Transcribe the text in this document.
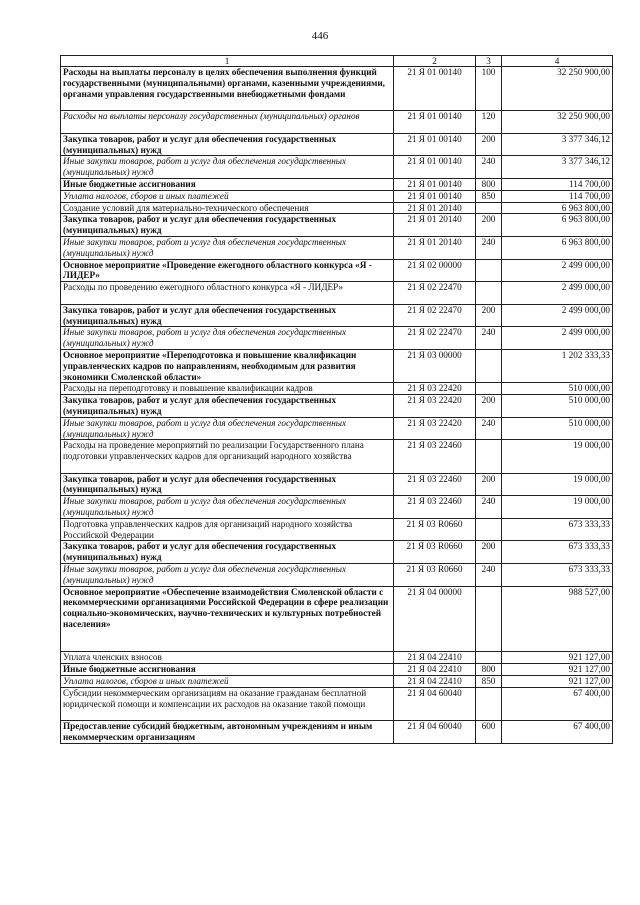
446
1	2	3	4
Расходы на выплаты персоналу в целях обеспечения выполнения функций государственными (муниципальными) органами, казенными учреждениями, органами управления государственными внебюджетными фондами	21 Я 01 00140	100	32 250 900,00
Расходы на выплаты персоналу государственных (муниципальных) органов	21 Я 01 00140	120	32 250 900,00
Закупка товаров, работ и услуг для обеспечения государственных (муниципальных) нужд	21 Я 01 00140	200	3 377 346,12
Иные закупки товаров, работ и услуг для обеспечения государственных (муниципальных) нужд	21 Я 01 00140	240	3 377 346,12
Иные бюджетные ассигнования	21 Я 01 00140	800	114 700,00
Уплата налогов, сборов и иных платежей	21 Я 01 00140	850	114 700,00
Создание условий для материально-технического обеспечения	21 Я 01 20140		6 963 800,00
Закупка товаров, работ и услуг для обеспечения государственных (муниципальных) нужд	21 Я 01 20140	200	6 963 800,00
Иные закупки товаров, работ и услуг для обеспечения государственных (муниципальных) нужд	21 Я 01 20140	240	6 963 800,00
Основное мероприятие «Проведение ежегодного областного конкурса «Я - ЛИДЕР»	21 Я 02 00000		2 499 000,00
Расходы по проведению ежегодного областного конкурса «Я - ЛИДЕР»	21 Я 02 22470		2 499 000,00
Закупка товаров, работ и услуг для обеспечения государственных (муниципальных) нужд	21 Я 02 22470	200	2 499 000,00
Иные закупки товаров, работ и услуг для обеспечения государственных (муниципальных) нужд	21 Я 02 22470	240	2 499 000,00
Основное мероприятие «Переподготовка и повышение квалификации управленческих кадров по направлениям, необходимым для развития экономики Смоленской области»	21 Я 03 00000		1 202 333,33
Расходы на переподготовку и повышение квалификации кадров	21 Я 03 22420		510 000,00
Закупка товаров, работ и услуг для обеспечения государственных (муниципальных) нужд	21 Я 03 22420	200	510 000,00
Иные закупки товаров, работ и услуг для обеспечения государственных (муниципальных) нужд	21 Я 03 22420	240	510 000,00
Расходы на проведение мероприятий по реализации Государственного плана подготовки управленческих кадров для организаций народного хозяйства	21 Я 03 22460		19 000,00
Закупка товаров, работ и услуг для обеспечения государственных (муниципальных) нужд	21 Я 03 22460	200	19 000,00
Иные закупки товаров, работ и услуг для обеспечения государственных (муниципальных) нужд	21 Я 03 22460	240	19 000,00
Подготовка управленческих кадров для организаций народного хозяйства Российской Федерации	21 Я 03 R0660		673 333,33
Закупка товаров, работ и услуг для обеспечения государственных (муниципальных) нужд	21 Я 03 R0660	200	673 333,33
Иные закупки товаров, работ и услуг для обеспечения государственных (муниципальных) нужд	21 Я 03 R0660	240	673 333,33
Основное мероприятие «Обеспечение взаимодействия Смоленской области с некоммерческими организациями Российской Федерации в сфере реализации социально-экономических, научно-технических и культурных потребностей населения»	21 Я 04 00000		988 527,00
Уплата членских взносов	21 Я 04 22410		921 127,00
Иные бюджетные ассигнования	21 Я 04 22410	800	921 127,00
Уплата налогов, сборов и иных платежей	21 Я 04 22410	850	921 127,00
Субсидии некоммерческим организациям на оказание гражданам бесплатной юридической помощи и компенсации их расходов на оказание такой помощи	21 Я 04 60040		67 400,00
Предоставление субсидий бюджетным, автономным учреждениям и иным некоммерческим организациям	21 Я 04 60040	600	67 400,00
